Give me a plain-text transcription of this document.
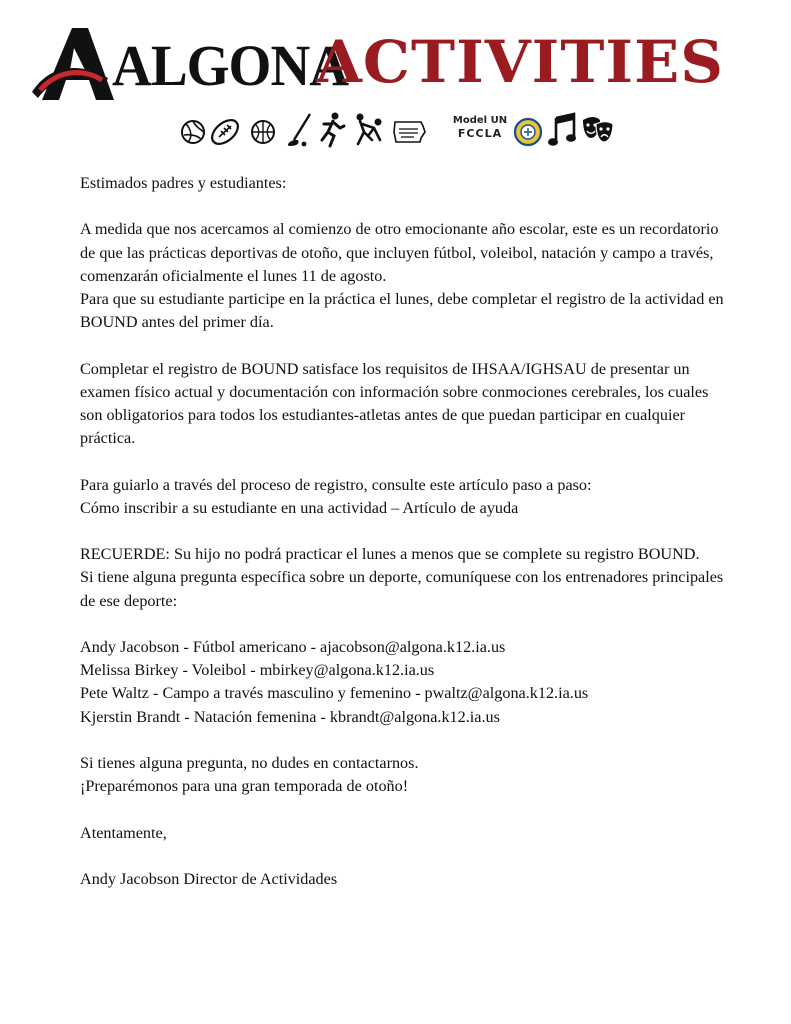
ALGONA
ACTIVITIES
Model UN
FCCLA

Estimados padres y estudiantes:

A medida que nos acercamos al comienzo de otro emocionante año escolar, este es un recordatorio de que las prácticas deportivas de otoño, que incluyen fútbol, voleibol, natación y campo a través, comenzarán oficialmente el lunes 11 de agosto.

Para que su estudiante participe en la práctica el lunes, debe completar el registro de la actividad en BOUND antes del primer día.

Completar el registro de BOUND satisface los requisitos de IHSAA/IGHSAU de presentar un examen físico actual y documentación con información sobre conmociones cerebrales, los cuales son obligatorios para todos los estudiantes-atletas antes de que puedan participar en cualquier práctica.

Para guiarlo a través del proceso de registro, consulte este artículo paso a paso:

Cómo inscribir a su estudiante en una actividad – Artículo de ayuda

RECUERDE: Su hijo no podrá practicar el lunes a menos que se complete su registro BOUND.

Si tiene alguna pregunta específica sobre un deporte, comuníquese con los entrenadores principales de ese deporte:

Andy Jacobson - Fútbol americano - ajacobson@algona.k12.ia.us

Melissa Birkey - Voleibol - mbirkey@algona.k12.ia.us

Pete Waltz - Campo a través masculino y femenino - pwaltz@algona.k12.ia.us

Kjerstin Brandt - Natación femenina - kbrandt@algona.k12.ia.us

Si tienes alguna pregunta, no dudes en contactarnos.

¡Preparémonos para una gran temporada de otoño!

Atentamente,

Andy Jacobson Director de Actividades
